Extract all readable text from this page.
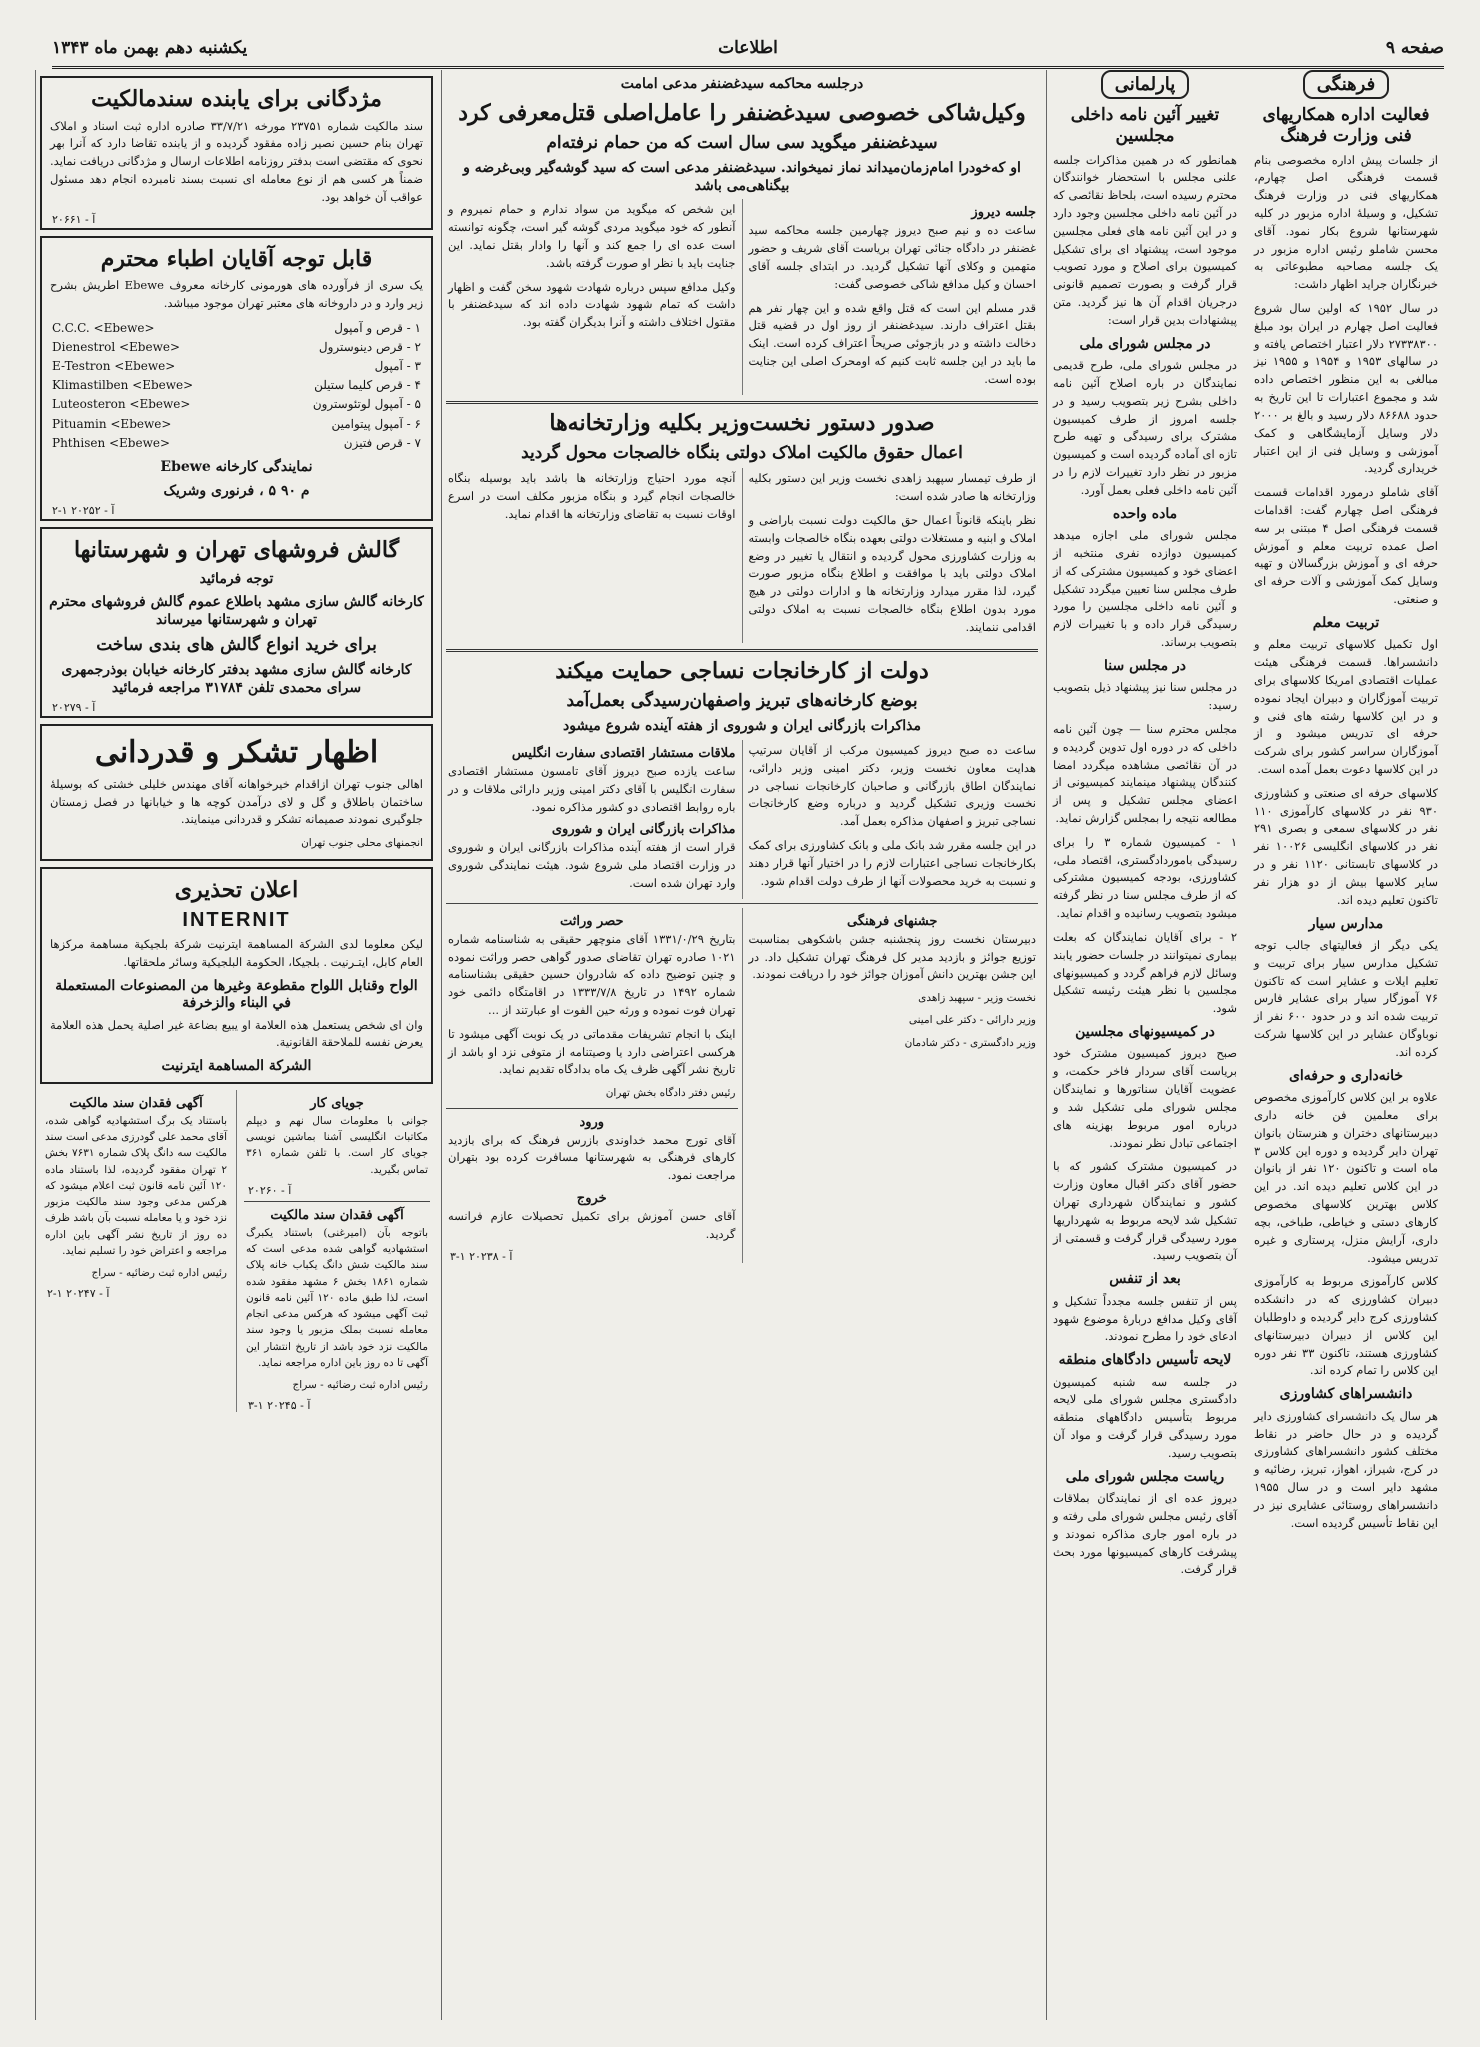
صفحه ۹
اطلاعات
یکشنبه دهم بهمن ماه ۱۳۴۳
فرهنگی
فعالیت اداره همکاریهای فنی وزارت فرهنگ
از جلسات پیش اداره مخصوصی بنام قسمت فرهنگی اصل چهارم، همکاریهای فنی در وزارت فرهنگ تشکیل، و وسیلهٔ اداره مزبور در کلیه شهرستانها شروع بکار نمود. آقای محسن شاملو رئیس اداره مزبور در یک جلسه مصاحبه مطبوعاتی به خبرنگاران جراید اظهار داشت:
در سال ۱۹۵۲ که اولین سال شروع فعالیت اصل چهارم در ایران بود مبلغ ۲۷۳۳۸۳۰۰ دلار اعتبار اختصاص یافته و در سالهای ۱۹۵۳ و ۱۹۵۴ و ۱۹۵۵ نیز مبالغی به این منظور اختصاص داده شد و مجموع اعتبارات تا این تاریخ به حدود ۸۶۶۸۸ دلار رسید و بالغ بر ۲۰۰۰ دلار وسایل آزمایشگاهی و کمک آموزشی و وسایل فنی از این اعتبار خریداری گردید.
آقای شاملو درمورد اقدامات قسمت فرهنگی اصل چهارم گفت: اقدامات قسمت فرهنگی اصل ۴ مبتنی بر سه اصل عمده تربیت معلم و آموزش حرفه ای و آموزش بزرگسالان و تهیه وسایل کمک آموزشی و آلات حرفه ای و صنعتی.
تربیت معلم
اول تکمیل کلاسهای تربیت معلم و دانشسراها. قسمت فرهنگی هیئت عملیات اقتصادی امریکا کلاسهای برای تربیت آموزگاران و دبیران ایجاد نموده و در این کلاسها رشته های فنی و حرفه ای تدریس میشود و از آموزگاران سراسر کشور برای شرکت در این کلاسها دعوت بعمل آمده است.
کلاسهای حرفه ای صنعتی و کشاورزی ۹۳۰ نفر در کلاسهای کارآموزی ۱۱۰ نفر در کلاسهای سمعی و بصری ۲۹۱ نفر در کلاسهای انگلیسی ۱۰۰۲۶ نفر در کلاسهای تابستانی ۱۱۲۰ نفر و در سایر کلاسها بیش از دو هزار نفر تاکنون تعلیم دیده اند.
مدارس سیار
یکی دیگر از فعالیتهای جالب توجه تشکیل مدارس سیار برای تربیت و تعلیم ایلات و عشایر است که تاکنون ۷۶ آموزگار سیار برای عشایر فارس تربیت شده اند و در حدود ۶۰۰ نفر از نوباوگان عشایر در این کلاسها شرکت کرده اند.
خانه‌داری و حرفه‌ای
علاوه بر این کلاس کارآموزی مخصوص برای معلمین فن خانه داری دبیرستانهای دختران و هنرستان بانوان تهران دایر گردیده و دوره این کلاس ۳ ماه است و تاکنون ۱۲۰ نفر از بانوان در این کلاس تعلیم دیده اند. در این کلاس بهترین کلاسهای مخصوص کارهای دستی و خیاطی، طباخی، بچه داری، آرایش منزل، پرستاری و غیره تدریس میشود.
کلاس کارآموزی مربوط به کارآموزی دبیران کشاورزی که در دانشکده کشاورزی کرج دایر گردیده و داوطلبان این کلاس از دبیران دبیرستانهای کشاورزی هستند، تاکنون ۳۳ نفر دوره این کلاس را تمام کرده اند.
دانشسراهای کشاورزی
هر سال یک دانشسرای کشاورزی دایر گردیده و در حال حاضر در نقاط مختلف کشور دانشسراهای کشاورزی در کرج، شیراز، اهواز، تبریز، رضائیه و مشهد دایر است و در سال ۱۹۵۵ دانشسراهای روستائی عشایری نیز در این نقاط تأسیس گردیده است.
پارلمانی
تغییر آئین نامه داخلی مجلسین
همانطور که در همین مذاکرات جلسه علنی مجلس با استحضار خوانندگان محترم رسیده است، بلحاظ نقائصی که در آئین نامه داخلی مجلسین وجود دارد و در این آئین نامه های فعلی مجلسین موجود است، پیشنهاد ای برای تشکیل کمیسیون برای اصلاح و مورد تصویب قرار گرفت و بصورت تصمیم قانونی درجریان اقدام آن ها نیز گردید. متن پیشنهادات بدین قرار است:
در مجلس شورای ملی
در مجلس شورای ملی، طرح قدیمی نمایندگان در باره اصلاح آئین نامه داخلی بشرح زیر بتصویب رسید و در جلسه امروز از طرف کمیسیون مشترک برای رسیدگی و تهیه طرح تازه ای آماده گردیده است و کمیسیون مزبور در نظر دارد تغییرات لازم را در آئین نامه داخلی فعلی بعمل آورد.
ماده واحده
مجلس شورای ملی اجازه میدهد کمیسیون دوازده نفری منتخبه از اعضای خود و کمیسیون مشترکی که از طرف مجلس سنا تعیین میگردد تشکیل و آئین نامه داخلی مجلسین را مورد رسیدگی قرار داده و با تغییرات لازم بتصویب برساند.
در مجلس سنا
در مجلس سنا نیز پیشنهاد ذیل بتصویب رسید:
مجلس محترم سنا — چون آئین نامه داخلی که در دوره اول تدوین گردیده و در آن نقائصی مشاهده میگردد امضا کنندگان پیشنهاد مینمایند کمیسیونی از اعضای مجلس تشکیل و پس از مطالعه نتیجه را بمجلس گزارش نماید.
۱ - کمیسیون شماره ۳ را برای رسیدگی باموردادگستری، اقتصاد ملی، کشاورزی، بودجه کمیسیون مشترکی که از طرف مجلس سنا در نظر گرفته میشود بتصویب رسانیده و اقدام نماید.
۲ - برای آقایان نمایندگان که بعلت بیماری نمیتوانند در جلسات حضور یابند وسائل لازم فراهم گردد و کمیسیونهای مجلسین با نظر هیئت رئیسه تشکیل شود.
در کمیسیونهای مجلسین
صبح دیروز کمیسیون مشترک خود بریاست آقای سردار فاخر حکمت، و عضویت آقایان سناتورها و نمایندگان مجلس شورای ملی تشکیل شد و درباره امور مربوط بهزینه های اجتماعی تبادل نظر نمودند.
در کمیسیون مشترک کشور که با حضور آقای دکتر اقبال معاون وزارت کشور و نمایندگان شهرداری تهران تشکیل شد لایحه مربوط به شهرداریها مورد رسیدگی قرار گرفت و قسمتی از آن بتصویب رسید.
بعد از تنفس
پس از تنفس جلسه مجدداً تشکیل و آقای وکیل مدافع دربارهٔ موضوع شهود ادعای خود را مطرح نمودند.
لایحه تأسیس دادگاهای منطقه
در جلسه سه شنبه کمیسیون دادگستری مجلس شورای ملی لایحه مربوط بتأسیس دادگاههای منطقه مورد رسیدگی قرار گرفت و مواد آن بتصویب رسید.
ریاست مجلس شورای ملی
دیروز عده ای از نمایندگان بملاقات آقای رئیس مجلس شورای ملی رفته و در باره امور جاری مذاکره نمودند و پیشرفت کارهای کمیسیونها مورد بحث قرار گرفت.
درجلسه محاکمه سیدغضنفر مدعی امامت
وکیل‌شاکی خصوصی سیدغضنفر را عامل‌اصلی قتل‌معرفی کرد
سیدغضنفر میگوید سی سال است که من حمام نرفته‌ام
او که‌خودرا امام‌زمان‌میداند نماز نمیخواند. سیدغضنفر مدعی است که سید گوشه‌گیر وبی‌غرضه و بیگناهی‌می باشد
جلسه دیروز
ساعت ده و نیم صبح دیروز چهارمین جلسه محاکمه سید غضنفر در دادگاه جنائی تهران بریاست آقای شریف و حضور متهمین و وکلای آنها تشکیل گردید. در ابتدای جلسه آقای احسان و کیل مدافع شاکی خصوصی گفت:
قدر مسلم این است که قتل واقع شده و این چهار نفر هم بقتل اعتراف دارند. سیدغضنفر از روز اول در قضیه قتل دخالت داشته و در بازجوئی صریحاً اعتراف کرده است. اینک ما باید در این جلسه ثابت کنیم که اومحرک اصلی این جنایت بوده است.
این شخص که میگوید من سواد ندارم و حمام نمیروم و آنطور که خود میگوید مردی گوشه گیر است، چگونه توانسته است عده ای را جمع کند و آنها را وادار بقتل نماید. این جنایت باید با نظر او صورت گرفته باشد.
وکیل مدافع سپس درباره شهادت شهود سخن گفت و اظهار داشت که تمام شهود شهادت داده اند که سیدغضنفر با مقتول اختلاف داشته و آنرا بدیگران گفته بود.
صدور دستور نخست‌وزیر بکلیه وزارتخانه‌ها
اعمال حقوق مالکیت املاک دولتی بنگاه خالصجات محول گردید
از طرف تیمسار سپهبد زاهدی نخست وزیر این دستور بکلیه وزارتخانه ها صادر شده است:
نظر باینکه قانوناً اعمال حق مالکیت دولت نسبت باراضی و املاک و ابنیه و مستغلات دولتی بعهده بنگاه خالصجات وابسته به وزارت کشاورزی محول گردیده و انتقال یا تغییر در وضع املاک دولتی باید با موافقت و اطلاع بنگاه مزبور صورت گیرد، لذا مقرر میدارد وزارتخانه ها و ادارات دولتی در هیچ مورد بدون اطلاع بنگاه خالصجات نسبت به املاک دولتی اقدامی ننمایند.
آنچه مورد احتیاج وزارتخانه ها باشد باید بوسیله بنگاه خالصجات انجام گیرد و بنگاه مزبور مکلف است در اسرع اوقات نسبت به تقاضای وزارتخانه ها اقدام نماید.
دولت از کارخانجات نساجی حمایت میکند
بوضع کارخانه‌های تبریز واصفهان‌رسیدگی بعمل‌آمد
مذاکرات بازرگانی ایران و شوروی از هفته آینده شروع میشود
ساعت ده صبح دیروز کمیسیون مرکب از آقایان سرتیپ هدایت معاون نخست وزیر، دکتر امینی وزیر دارائی، نمایندگان اطاق بازرگانی و صاحبان کارخانجات نساجی در نخست وزیری تشکیل گردید و درباره وضع کارخانجات نساجی تبریز و اصفهان مذاکره بعمل آمد.
در این جلسه مقرر شد بانک ملی و بانک کشاورزی برای کمک بکارخانجات نساجی اعتبارات لازم را در اختیار آنها قرار دهند و نسبت به خرید محصولات آنها از طرف دولت اقدام شود.
ملاقات مستشار اقتصادی سفارت انگلیس
ساعت یازده صبح دیروز آقای تامسون مستشار اقتصادی سفارت انگلیس با آقای دکتر امینی وزیر دارائی ملاقات و در باره روابط اقتصادی دو کشور مذاکره نمود.
مذاکرات بازرگانی ایران و شوروی
قرار است از هفته آینده مذاکرات بازرگانی ایران و شوروی در وزارت اقتصاد ملی شروع شود. هیئت نمایندگی شوروی وارد تهران شده است.
جشنهای فرهنگی
دبیرستان نخست روز پنجشنبه جشن باشکوهی بمناسبت توزیع جوائز و بازدید مدیر کل فرهنگ تهران تشکیل داد. در این جشن بهترین دانش آموزان جوائز خود را دریافت نمودند.
نخست وزیر - سپهبد زاهدی
وزیر دارائی - دکتر علی امینی
وزیر دادگستری - دکتر شادمان
حصر وراثت
بتاریخ ۱۳۳۱/۰/۲۹ آقای منوچهر حقیقی به شناسنامه شماره ۱۰۲۱ صادره تهران تقاضای صدور گواهی حصر وراثت نموده و چنین توضیح داده که شادروان حسین حقیقی بشناسنامه شماره ۱۴۹۲ در تاریخ ۱۳۳۳/۷/۸ در اقامتگاه دائمی خود تهران فوت نموده و ورثه حین الفوت او عبارتند از ...
اینک با انجام تشریفات مقدماتی در یک نوبت آگهی میشود تا هرکسی اعتراضی دارد یا وصیتنامه از متوفی نزد او باشد از تاریخ نشر آگهی ظرف یک ماه بدادگاه تقدیم نماید.
رئیس دفتر دادگاه بخش تهران
ورود
آقای تورج محمد خداوندی بازرس فرهنگ که برای بازدید کارهای فرهنگی به شهرستانها مسافرت کرده بود بتهران مراجعت نمود.
خروج
آقای حسن آموزش برای تکمیل تحصیلات عازم فرانسه گردید.
آ - ۲۰۲۳۸ ۱-۳
مژدگانی برای یابنده سندمالکیت
سند مالکیت شماره ۲۳۷۵۱ مورخه ۳۳/۷/۲۱ صادره اداره ثبت اسناد و املاک تهران بنام حسین نصیر زاده مفقود گردیده و از یابنده تقاضا دارد که آنرا بهر نحوی که مقتضی است بدفتر روزنامه اطلاعات ارسال و مژدگانی دریافت نماید. ضمناً هر کسی هم از نوع معامله ای نسبت بسند نامبرده انجام دهد مسئول عواقب آن خواهد بود.
آ - ۲۰۶۶۱
قابل توجه آقایان اطباء محترم
یک سری از فرآورده های هورمونی کارخانه معروف Ebewe اطریش بشرح زیر وارد و در داروخانه های معتبر تهران موجود میباشد.
۱ - قرص و آمپول
C.C.C. <Ebewe>
۲ - قرص دینوسترول
Dienestrol <Ebewe>
۳ - آمپول
E-Testron <Ebewe>
۴ - قرص کلیما ستیلن
Klimastilben <Ebewe>
۵ - آمپول لوتئوسترون
Luteosteron <Ebewe>
۶ - آمپول پیتوامین
Pituamin <Ebewe>
۷ - قرص فتیزن
Phthisen <Ebewe>
نمایندگی کارخانه Ebewe
م ۹۰ ۵ ، فرنوری وشریک
آ - ۲۰۲۵۲ ۱-۲
گالش فروشهای تهران و شهرستانها
توجه فرمائید
کارخانه گالش سازی مشهد باطلاع عموم گالش فروشهای محترم تهران و شهرستانها میرساند
برای خرید انواع گالش های بندی ساخت
کارخانه گالش سازی مشهد بدفتر کارخانه خیابان بوذرجمهری سرای محمدی تلفن ۳۱۷۸۴ مراجعه فرمائید
آ - ۲۰۲۷۹
اظهار تشکر و قدردانی
اهالی جنوب تهران ازاقدام خیرخواهانه آقای مهندس خلیلی خشتی که بوسیلهٔ ساختمان باطلاق و گل و لای درآمدن کوچه ها و خیابانها در فصل زمستان جلوگیری نمودند صمیمانه تشکر و قدردانی مینمایند.
انجمنهای محلی جنوب تهران
اعلان تحذیری
INTERNIT
لیکن معلوما لدى الشركة المساهمة ايترنيت شركة بلجيكية مساهمة مركزها العام كابل، ايتـرنيت . بلجيكا، الحكومة البلجيكية وسائر ملحقاتها.
الواح وقنابل اللواح مقطوعة وغيرها من المصنوعات المستعملة في البناء والزخرفة
وان اى شخص يستعمل هذه العلامة او يبيع بضاعة غير اصلية يحمل هذه العلامة يعرض نفسه للملاحقة القانونية.
الشركة المساهمة ايترنيت
جویای کار
جوانی با معلومات سال نهم و دیپلم مکاتبات انگلیسی آشنا بماشین نویسی جویای کار است. با تلفن شماره ۳۶۱ تماس بگیرید.
آ - ۲۰۲۶۰
آگهی فقدان سند مالکیت
باتوجه بآن (امیرغنی) باستناد یکبرگ استشهادیه گواهی شده مدعی است که سند مالکیت شش دانگ یکباب خانه پلاک شماره ۱۸۶۱ بخش ۶ مشهد مفقود شده است، لذا طبق ماده ۱۲۰ آئین نامه قانون ثبت آگهی میشود که هرکس مدعی انجام معامله نسبت بملک مزبور یا وجود سند مالکیت نزد خود باشد از تاریخ انتشار این آگهی تا ده روز باین اداره مراجعه نماید.
رئیس اداره ثبت رضائیه - سراج
آ - ۲۰۲۴۵ ۱-۳
آگهی فقدان سند مالکیت
باستناد یک برگ استشهادیه گواهی شده، آقای محمد علی گودرزی مدعی است سند مالکیت سه دانگ پلاک شماره ۷۶۳۱ بخش ۲ تهران مفقود گردیده، لذا باستناد ماده ۱۲۰ آئین نامه قانون ثبت اعلام میشود که هرکس مدعی وجود سند مالکیت مزبور نزد خود و یا معامله نسبت بآن باشد ظرف ده روز از تاریخ نشر آگهی باین اداره مراجعه و اعتراض خود را تسلیم نماید.
رئیس اداره ثبت رضائیه - سراج
آ - ۲۰۲۴۷ ۱-۲
